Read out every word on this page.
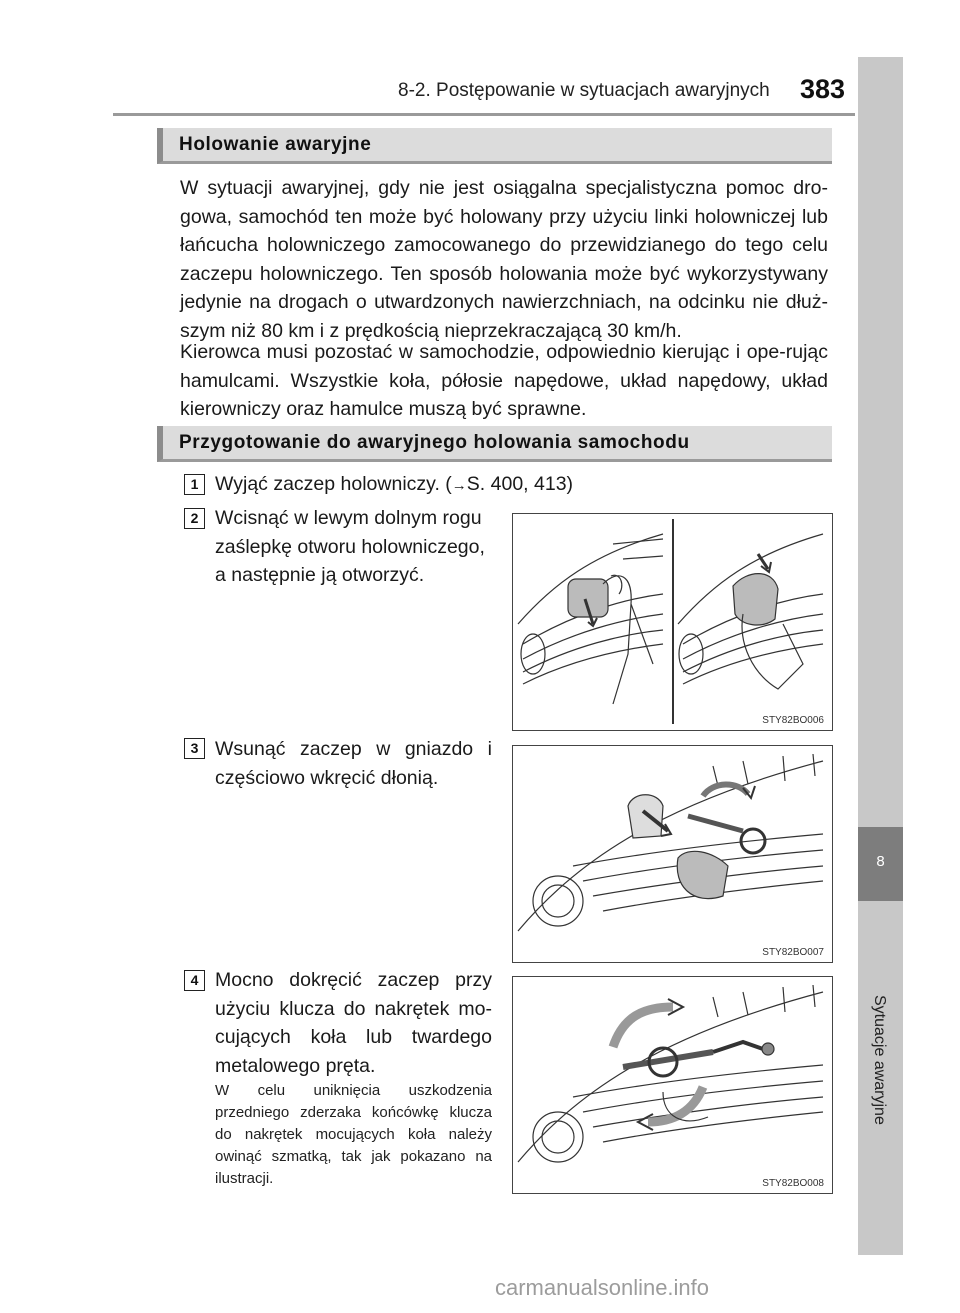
8-2. Postępowanie w sytuacjach awaryjnych 383
8
Sytuacje awaryjne
Holowanie awaryjne

W sytuacji awaryjnej, gdy nie jest osiągalna specjalistyczna pomoc dro-gowa, samochód ten może być holowany przy użyciu linki holowniczej lub łańcucha holowniczego zamocowanego do przewidzianego do tego celu zaczepu holowniczego. Ten sposób holowania może być wykorzystywany jedynie na drogach o utwardzonych nawierzchniach, na odcinku nie dłuż-szym niż 80 km i z prędkością nieprzekraczającą 30 km/h.

Kierowca musi pozostać w samochodzie, odpowiednio kierując i ope-rując hamulcami. Wszystkie koła, półosie napędowe, układ napędowy, układ kierowniczy oraz hamulce muszą być sprawne.

Przygotowanie do awaryjnego holowania samochodu
1 Wyjąć zaczep holowniczy. (→S. 400, 413)

2 Wcisnąć w lewym dolnym rogu zaślepkę otworu holowniczego, a następnie ją otworzyć.

3 Wsunąć zaczep w gniazdo i częściowo wkręcić dłonią.

4 Mocno dokręcić zaczep przy użyciu klucza do nakrętek mo-cujących koła lub twardego metalowego pręta.

W celu uniknięcia uszkodzenia przedniego zderzaka końcówkę klucza do nakrętek mocujących koła należy owinąć szmatką, tak jak pokazano na ilustracji.

STY82BO006
STY82BO007
STY82BO008
carmanualsonline.info
